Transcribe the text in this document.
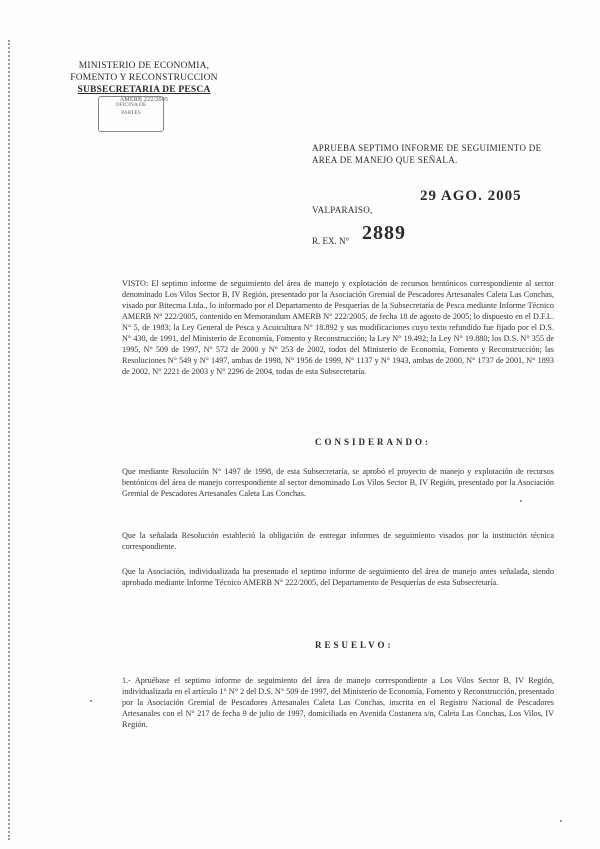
MINISTERIO DE ECONOMIA,
FOMENTO Y RECONSTRUCCION
SUBSECRETARIA DE PESCA
AMERB 222/2005
OFICINA DE
PARTES
APRUEBA SEPTIMO INFORME DE SEGUIMIENTO DE AREA DE MANEJO QUE SEÑALA.
29 AGO. 2005
VALPARAISO,
2889
R. EX. N°
VISTO: El septimo informe de seguimiento del área de manejo y explotación de recursos bentónicos correspondiente al sector denominado Los Vilos Sector B, IV Región, presentado por la Asociación Gremial de Pescadores Artesanales Caleta Las Conchas, visado por Bitecma Ltda., lo informado por el Departamento de Pesquerías de la Subsecretaría de Pesca mediante Informe Técnico AMERB N° 222/2005, contenido en Memorandum AMERB N° 222/2005, de fecha 18 de agosto de 2005; lo dispuesto en el D.F.L. N° 5, de 1983; la Ley General de Pesca y Acuicultura N° 18.892 y sus modificaciones cuyo texto refundido fue fijado por el D.S. N° 430, de 1991, del Ministerio de Economía, Fomento y Reconstrucción; la Ley N° 19.492; la Ley N° 19.880; los D.S. N° 355 de 1995, N° 509 de 1997, N° 572 de 2000 y N° 253 de 2002, todos del Ministerio de Economía, Fomento y Reconstrucción; las Resoluciones N° 549 y N° 1497, ambas de 1998, N° 1956 de 1999, N° 1137 y N° 1943, ambas de 2000, N° 1737 de 2001, N° 1893 de 2002, N° 2221 de 2003 y N° 2296 de 2004, todas de esta Subsecretaría.
CONSIDERANDO:
Que mediante Resolución N° 1497 de 1998, de esta Subsecretaría, se aprobó el proyecto de manejo y explotación de recursos bentónicos del área de manejo correspondiente al sector denominado Los Vilos Sector B, IV Región, presentado por la Asociación Gremial de Pescadores Artesanales Caleta Las Conchas.
Que la señalada Resolución estableció la obligación de entregar informes de seguimiento visados por la institución técnica correspondiente.
Que la Asociación, individualizada ha presentado el septimo informe de seguimiento del área de manejo antes señalada, siendo aprobado mediante Informe Técnico AMERB N° 222/2005, del Departamento de Pesquerías de esta Subsecretaría.
RESUELVO:
1.- Apruébase el septimo informe de seguimiento del área de manejo correspondiente a Los Vilos Sector B, IV Región, individualizada en el artículo 1° N° 2 del D.S. N° 509 de 1997, del Ministerio de Economía, Fomento y Reconstrucción, presentado por la Asociación Gremial de Pescadores Artesanales Caleta Las Conchas, inscrita en el Registro Nacional de Pescadores Artesanales con el N° 217 de fecha 9 de julio de 1997, domiciliada en Avenida Costanera s/n, Caleta Las Conchas, Los Vilos, IV Región.
